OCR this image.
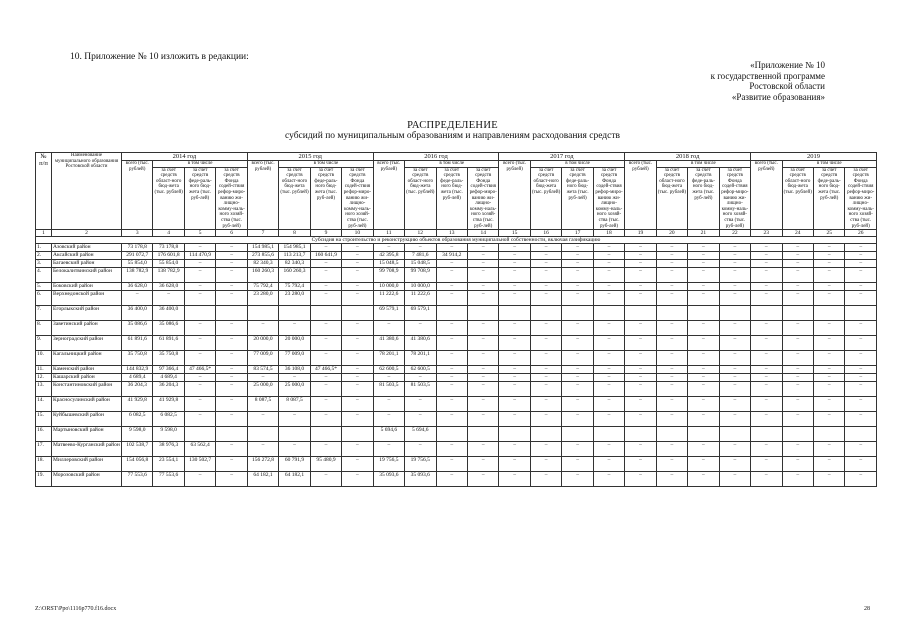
10. Приложение № 10 изложить в редакции:
«Приложение № 10
к государственной программе
Ростовской области
«Развитие образования»
РАСПРЕДЕЛЕНИЕ
субсидий по муниципальным образованиям и направлениям расходования средств
№ п/п	Наименование муниципального образования Ростовской области	2014 год				2015 год				2016 год				2017 год				2018 год				2019			
		всего (тыс. рублей)	в том числе			всего (тыс. рублей)	в том числе			всего (тыс. рублей)	в том числе			всего (тыс. рублей)	в том числе			всего (тыс. рублей)	в том числе			всего (тыс. рублей)	в том числе		
			за счет средств област-ного бюд-жета (тыс. рублей)	за счет средств феде-раль-ного бюд-жета (тыс. руб-лей)	за счет средств Фонда содей-ствия рефор-миро-ванию жи-лищно-комму-наль-ного хозяй-ства (тыс. руб-лей)		за счет средств област-ного бюд-жета (тыс. рублей)	за счет средств феде-раль-ного бюд-жета (тыс. руб-лей)	за счет средств Фонда содей-ствия рефор-миро-ванию жи-лищно-комму-наль-ного хозяй-ства (тыс. руб-лей)		за счет средств област-ного бюд-жета (тыс. рублей)	за счет средств феде-раль-ного бюд-жета (тыс. руб-лей)	за счет средств Фонда содей-ствия рефор-миро-ванию жи-лищно-комму-наль-ного хозяй-ства (тыс. руб-лей)		за счет средств област-ного бюд-жета (тыс. рублей)	за счет средств феде-раль-ного бюд-жета (тыс. руб-лей)	за счет средств Фонда содей-ствия рефор-миро-ванию жи-лищно-комму-наль-ного хозяй-ства (тыс. руб-лей)		за счет средств област-ного бюд-жета (тыс. рублей)	за счет средств феде-раль-ного бюд-жета (тыс. руб-лей)	за счет средств Фонда содей-ствия рефор-миро-ванию жи-лищно-комму-наль-ного хозяй-ства (тыс. руб-лей)		за счет средств област-ного бюд-жета (тыс. рублей)	за счет средств феде-раль-ного бюд-жета (тыс. руб-лей)	за счет средств Фонда содей-ствия рефор-миро-ванию жи-лищно-комму-наль-ного хозяй-ства (тыс. руб-лей)
1	2	3	4	5	6	7	8	9	10	11	12	13	14	15	16	17	18	19	20	21	22	23	24	25	26
Субсидия на строительство и реконструкцию объектов образования муниципальной собственности, включая газификацию																									
1.	Азовский район	73 178,8	73 178,8	–	–	154 985,1	154 985,1	–	–	–	–	–	–	–	–	–	–	–	–	–	–	–	–	–	–
2.	Аксайский район	291 072,7	176 601,8	114 470,9	–	273 855,6	113 213,7	160 641,9	–	42 395,8	7 481,6	34 914,2	–	–	–	–	–	–	–	–	–	–	–	–	–
3.	Багаевский район	55 854,0	55 854,0	–	–	82 340,3	82 340,3	–	–	15 048,5	15 048,5	–	–	–	–	–	–	–	–	–	–	–	–	–	–
4.	Белокалитвинский район	138 782,9	138 782,9	–	–	160 260,3	160 260,3	–	–	99 708,9	99 708,9	–	–	–	–	–	–	–	–	–	–	–	–	–	–
5.	Боковский район	36 628,0	36 628,0	–	–	75 792,4	75 792,4	–	–	10 000,0	10 000,0	–	–	–	–	–	–	–	–	–	–	–	–	–	–
6.	Верхнедонской район	–	–	–	–	23 280,0	23 280,0	–	–	11 222,6	11 222,6	–	–	–	–	–	–	–	–	–	–	–	–	–	–
7.	Егорлыкский район	36 400,0	36 400,0							69 579,1	69 579,1														
8.	Заветинский район	35 086,6	35 086,6	–	–	–	–	–	–	–	–	–	–	–	–	–	–	–	–	–	–	–	–	–	–
9.	Зерноградский район	61 891,6	61 891,6	–	–	20 000,0	20 000,0	–	–	41 380,6	41 380,6	–	–	–	–	–	–	–	–	–	–	–	–	–	–
10.	Кагальницкий район	35 750,8	35 750,8	–	–	77 009,0	77 009,0	–	–	78 201,1	78 201,1	–	–	–	–	–	–	–	–	–	–	–	–	–	–
11.	Каменский район	144 832,9	97 366,4	47 466,5*	–	83 574,5	36 108,0	47 466,5*	–	62 600,5	62 600,5	–	–	–	–	–	–	–	–	–	–	–	–	–	–
12.	Кашарский район	4 689,4	4 689,4	–	–	–	–	–	–	–	–	–	–	–	–	–	–	–	–	–	–	–	–	–	–
13.	Константиновский район	36 204,3	36 204,3	–	–	25 000,0	25 000,0	–	–	81 503,5	81 503,5	–	–	–	–	–	–	–	–	–	–	–	–	–	–
14.	Красносулинский район	41 929,8	41 929,8	–	–	8 087,5	8 087,5	–	–	–	–	–	–	–	–	–	–	–	–	–	–	–	–	–	–
15.	Куйбышевский район	6 082,5	6 082,5	–	–	–	–	–	–	–	–	–	–	–	–	–	–	–	–	–	–	–	–	–	–
16.	Мартыновский район	9 598,0	9 598,0							5 694,6	5 694,6														
17.	Матвеево-Курганский район	102 538,7	38 976,3	63 562,4	–	–	–	–	–	–	–	–	–	–	–	–	–	–	–	–	–	–	–	–	–
18.	Миллеровский район	154 056,8	23 554,1	130 502,7	–	156 272,8	60 791,9	95 480,9	–	19 756,5	19 756,5	–	–	–	–	–	–	–	–	–	–	–	–	–	–
19.	Морозовский район	77 553,6	77 553,6	–	–	64 182,1	64 182,1	–	–	35 093,6	35 093,6	–	–	–	–	–	–	–	–	–	–	–	–	–	–
Z:\ORST\Ppo\1116p770.f16.docx	28
